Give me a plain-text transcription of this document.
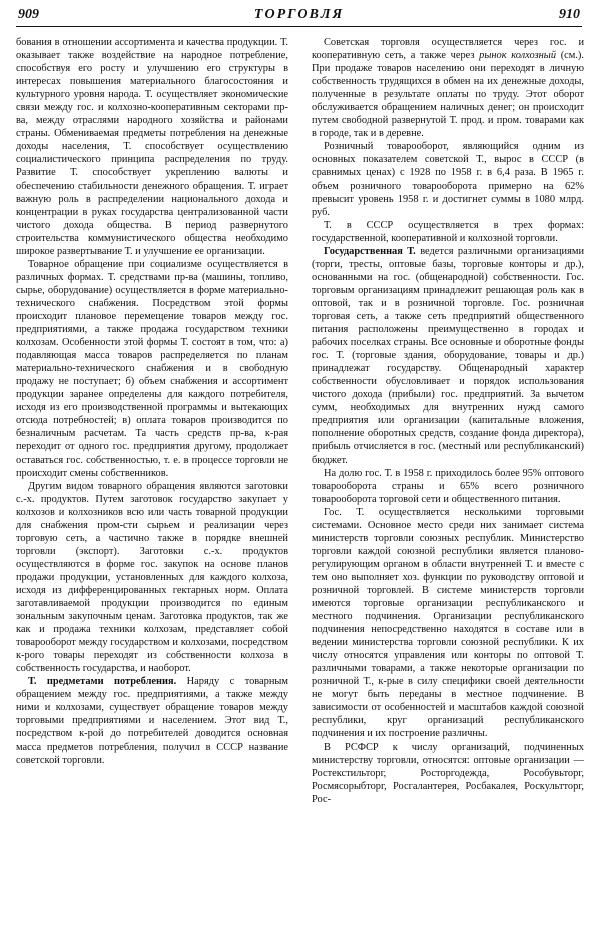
909	ТОРГОВЛЯ	910

бования в отношении ассортимента и качества продукции. Т. оказывает также воздействие на народное потребление, способствуя его росту и улучшению его структуры в интересах повышения материального благосостояния и культурного уровня народа. Т. осуществляет экономические связи между гос. и колхозно-кооперативным секторами пр-ва, между отраслями народного хозяйства и районами страны. Обмениваемая предметы потребления на денежные доходы населения, Т. способствует осуществлению социалистического принципа распределения по труду. Развитие Т. способствует укреплению валюты и обеспечению стабильности денежного обращения. Т. играет важную роль в распределении национального дохода и концентрации в руках государства централизованной части чистого дохода общества. В период развернутого строительства коммунистического общества необходимо широкое развертывание Т. и улучшение ее организации.

Товарное обращение при социализме осуществляется в различных формах. Т. средствами пр-ва (машины, топливо, сырье, оборудование) осуществляется в форме материально-технического снабжения. Посредством этой формы происходит плановое перемещение товаров между гос. предприятиями, а также продажа государством техники колхозам. Особенности этой формы Т. состоят в том, что: а) подавляющая масса товаров распределяется по планам материально-технического снабжения и в свободную продажу не поступает; б) объем снабжения и ассортимент продукции заранее определены для каждого потребителя, исходя из его производственной программы и вытекающих отсюда потребностей; в) оплата товаров производится по безналичным расчетам. Та часть средств пр-ва, к-рая переходит от одного гос. предприятия другому, продолжает оставаться гос. собственностью, т. е. в процессе торговли не происходит смены собственников.

Другим видом товарного обращения являются заготовки с.-х. продуктов. Путем заготовок государство закупает у колхозов и колхозников всю или часть товарной продукции для снабжения пром-сти сырьем и реализации через торговую сеть, а частично также в порядке внешней торговли (экспорт). Заготовки с.-х. продуктов осуществляются в форме гос. закупок на основе планов продажи продукции, установленных для каждого колхоза, исходя из дифференцированных гектарных норм. Оплата заготавливаемой продукции производится по единым зональным закупочным ценам. Заготовка продуктов, так же как и продажа техники колхозам, представляет собой товарооборот между государством и колхозами, посредством к-рого товары переходят из собственности колхоза в собственность государства, и наоборот.

Т. предметами потребления. Наряду с товарным обращением между гос. предприятиями, а также между ними и колхозами, существует обращение товаров между торговыми предприятиями и населением. Этот вид Т., посредством к-рой до потребителей доводится основная масса предметов потребления, получил в СССР название советской торговли.

Советская торговля осуществляется через гос. и кооперативную сеть, а также через рынок колхозный (см.). При продаже товаров населению они переходят в личную собственность трудящихся в обмен на их денежные доходы, полученные в результате оплаты по труду. Этот оборот обслуживается обращением наличных денег; он происходит путем свободной развернутой Т. прод. и пром. товарами как в городе, так и в деревне.

Розничный товарооборот, являющийся одним из основных показателем советской Т., вырос в СССР (в сравнимых ценах) с 1928 по 1958 г. в 6,4 раза. В 1965 г. объем розничного товарооборота примерно на 62% превысит уровень 1958 г. и достигнет суммы в 1080 млрд. руб.

Т. в СССР осуществляется в трех формах: государственной, кооперативной и колхозной торговли.

Государственная Т. ведется различными организациями (торги, тресты, оптовые базы, торговые конторы и др.), основанными на гос. (общенародной) собственности. Гос. торговым организациям принадлежит решающая роль как в оптовой, так и в розничной торговле. Гос. розничная торговая сеть, а также сеть предприятий общественного питания расположены преимущественно в городах и рабочих поселках страны. Все основные и оборотные фонды гос. Т. (торговые здания, оборудование, товары и др.) принадлежат государству. Общенародный характер собственности обусловливает и порядок использования чистого дохода (прибыли) гос. предприятий. За вычетом сумм, необходимых для внутренних нужд самого предприятия или организации (капитальные вложения, пополнение оборотных средств, создание фонда директора), прибыль отчисляется в гос. (местный или республиканский) бюджет.

На долю гос. Т. в 1958 г. приходилось более 95% оптового товарооборота страны и 65% всего розничного товарооборота торговой сети и общественного питания.

Гос. Т. осуществляется несколькими торговыми системами. Основное место среди них занимает система министерств торговли союзных республик. Министерство торговли каждой союзной республики является планово-регулирующим органом в области внутренней Т. и вместе с тем оно выполняет хоз. функции по руководству оптовой и розничной торговлей. В системе министерств торговли имеются торговые организации республиканского и местного подчинения. Организации республиканского подчинения непосредственно находятся в составе или в ведении министерства торговли союзной республики. К их числу относятся управления или конторы по оптовой Т. различными товарами, а также некоторые организации по розничной Т., к-рые в силу специфики своей деятельности не могут быть переданы в местное подчинение. В зависимости от особенностей и масштабов каждой союзной республики, круг организаций республиканского подчинения и их построение различны.

В РСФСР к числу организаций, подчиненных министерству торговли, относятся: оптовые организации — Ростекстильторг, Росторгодежда, Рособувьторг, Росмясорыбторг, Росгалантерея, Росбакалея, Роскультторг, Рос-
